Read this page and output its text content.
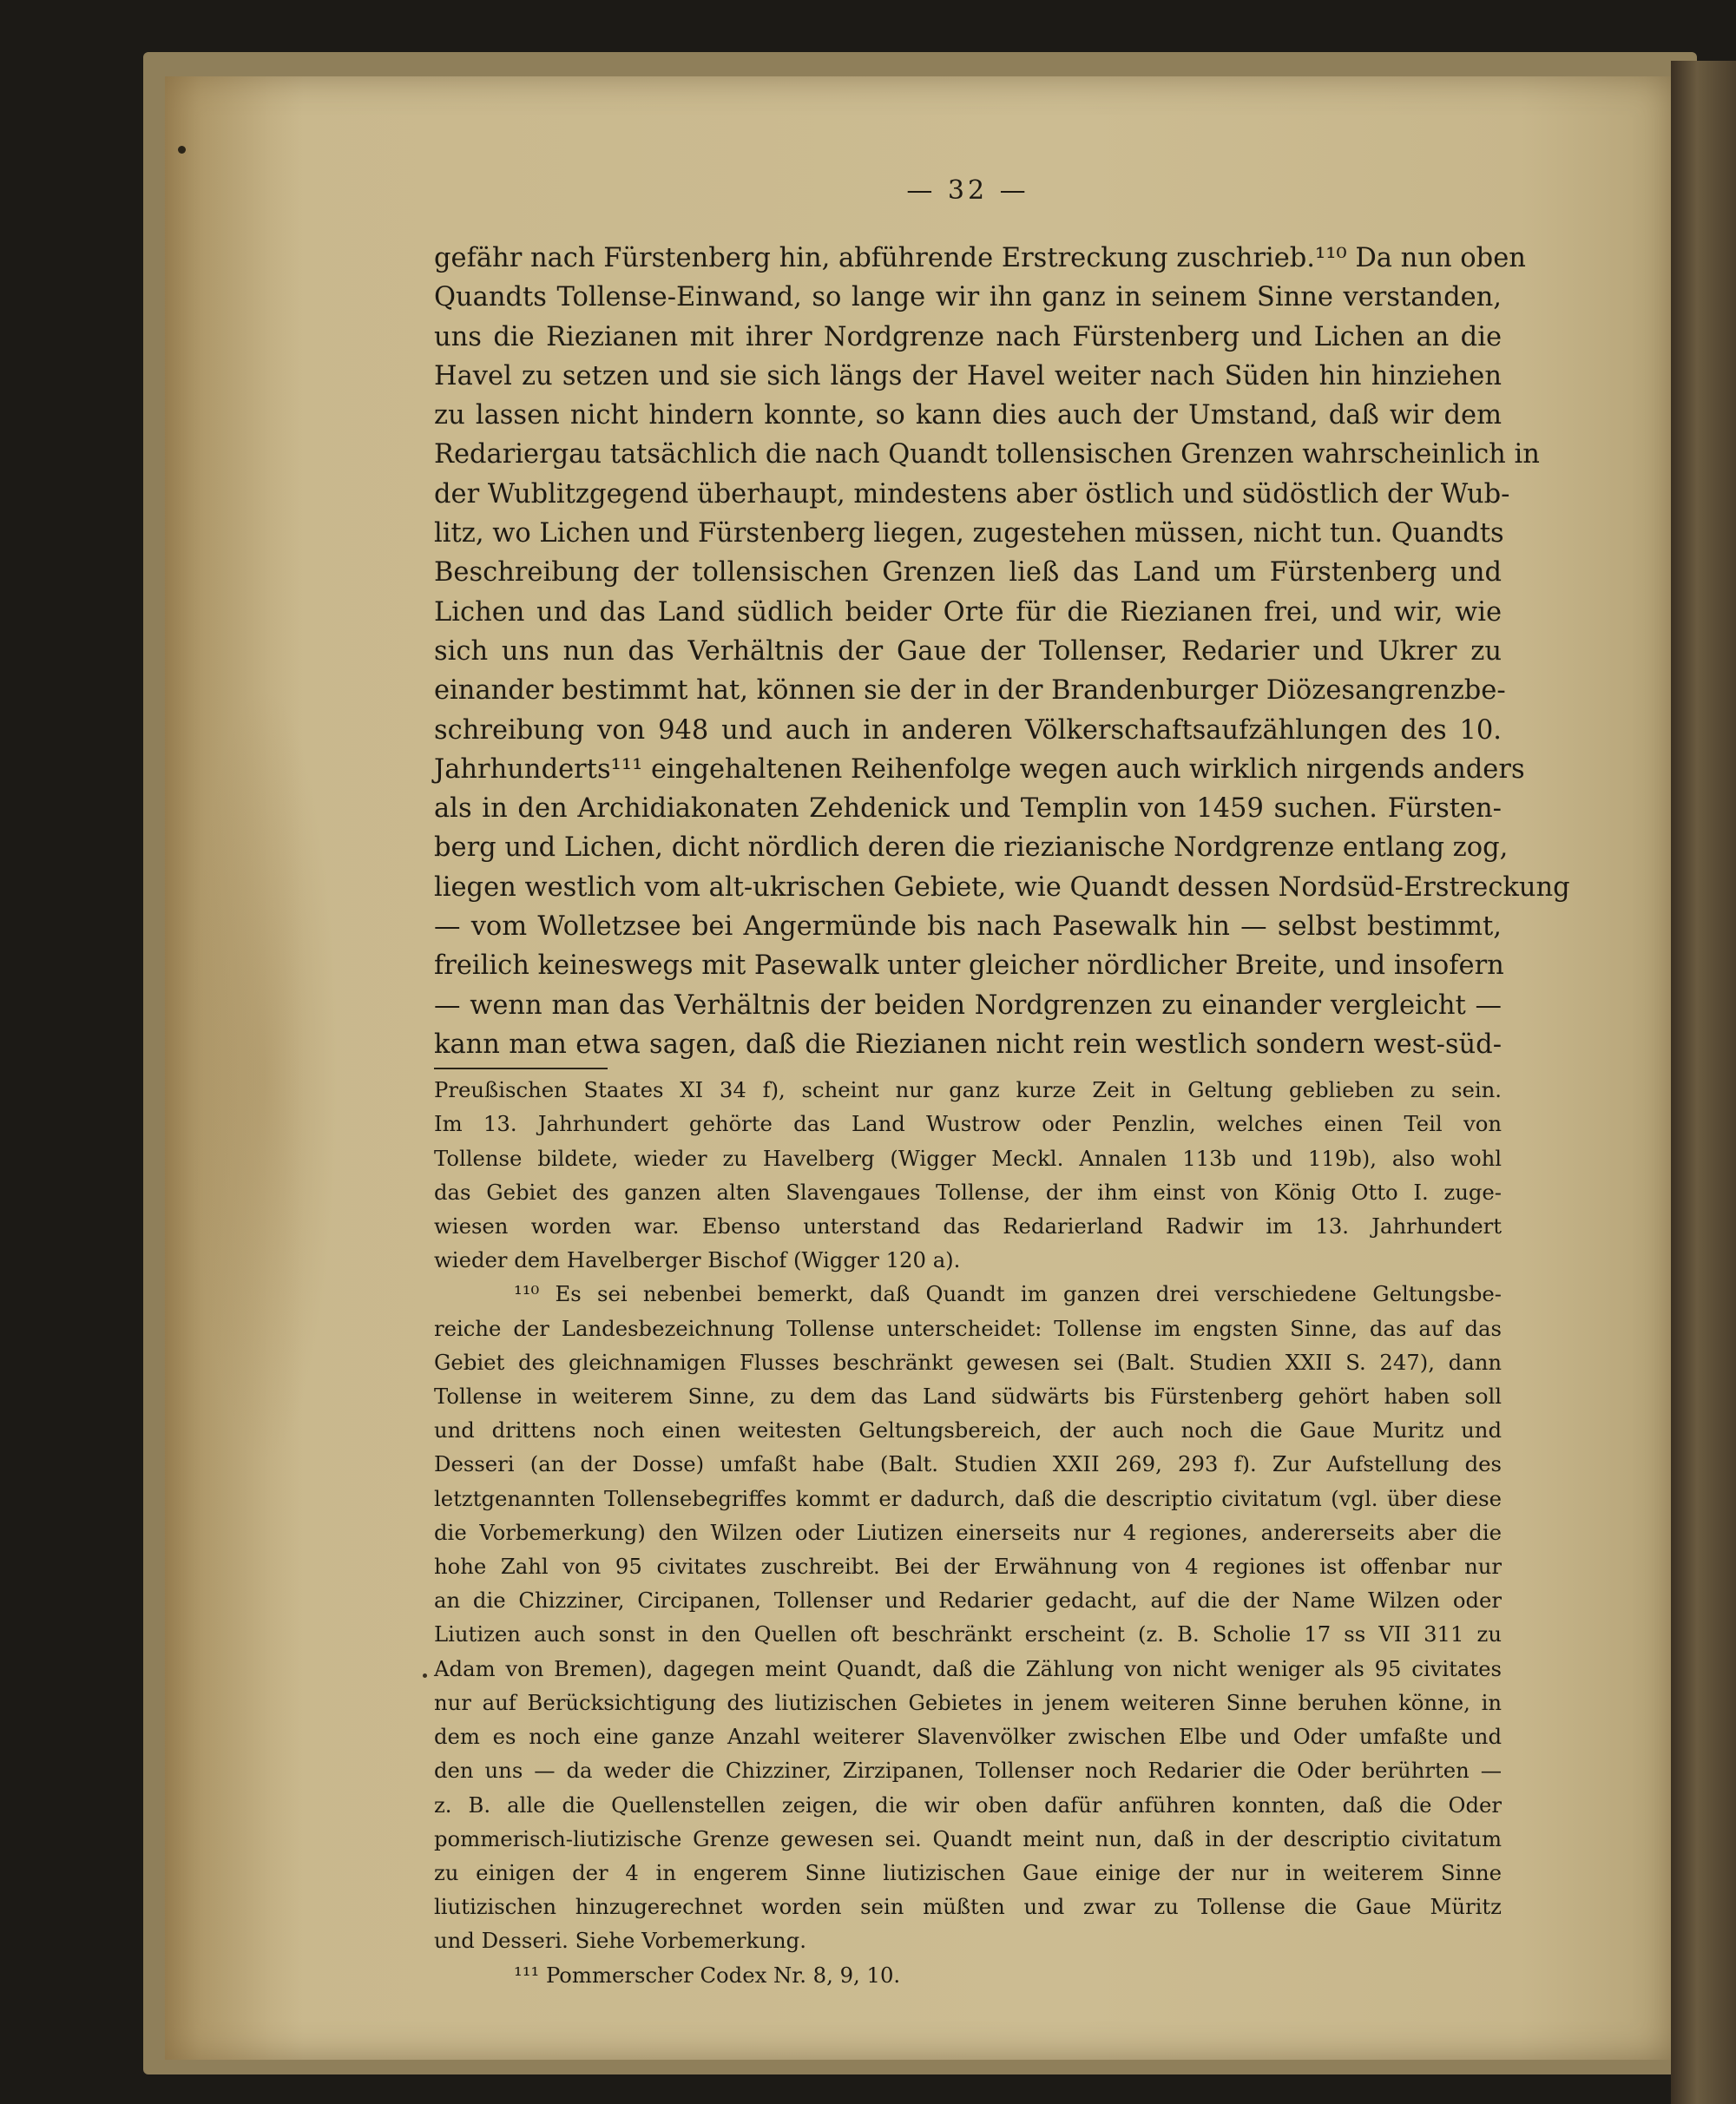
— 32 —

gefähr nach Fürstenberg hin, abführende Erstreckung zuschrieb.¹¹⁰ Da nun oben
Quandts Tollense-Einwand, so lange wir ihn ganz in seinem Sinne verstanden,
uns die Riezianen mit ihrer Nordgrenze nach Fürstenberg und Lichen an die
Havel zu setzen und sie sich längs der Havel weiter nach Süden hin hinziehen
zu lassen nicht hindern konnte, so kann dies auch der Umstand, daß wir dem
Redariergau tatsächlich die nach Quandt tollensischen Grenzen wahrscheinlich in
der Wublitzgegend überhaupt, mindestens aber östlich und südöstlich der Wub-
litz, wo Lichen und Fürstenberg liegen, zugestehen müssen, nicht tun. Quandts
Beschreibung der tollensischen Grenzen ließ das Land um Fürstenberg und
Lichen und das Land südlich beider Orte für die Riezianen frei, und wir, wie
sich uns nun das Verhältnis der Gaue der Tollenser, Redarier und Ukrer zu
einander bestimmt hat, können sie der in der Brandenburger Diözesangrenzbe-
schreibung von 948 und auch in anderen Völkerschaftsaufzählungen des 10.
Jahrhunderts¹¹¹ eingehaltenen Reihenfolge wegen auch wirklich nirgends anders
als in den Archidiakonaten Zehdenick und Templin von 1459 suchen. Fürsten-
berg und Lichen, dicht nördlich deren die riezianische Nordgrenze entlang zog,
liegen westlich vom alt-ukrischen Gebiete, wie Quandt dessen Nordsüd-Erstreckung
— vom Wolletzsee bei Angermünde bis nach Pasewalk hin — selbst bestimmt,
freilich keineswegs mit Pasewalk unter gleicher nördlicher Breite, und insofern
— wenn man das Verhältnis der beiden Nordgrenzen zu einander vergleicht —
kann man etwa sagen, daß die Riezianen nicht rein westlich sondern west-süd-

Preußischen Staates XI 34 f), scheint nur ganz kurze Zeit in Geltung geblieben zu sein.
Im 13. Jahrhundert gehörte das Land Wustrow oder Penzlin, welches einen Teil von
Tollense bildete, wieder zu Havelberg (Wigger Meckl. Annalen 113b und 119b), also wohl
das Gebiet des ganzen alten Slavengaues Tollense, der ihm einst von König Otto I. zuge-
wiesen worden war. Ebenso unterstand das Redarierland Radwir im 13. Jahrhundert
wieder dem Havelberger Bischof (Wigger 120 a).

¹¹⁰ Es sei nebenbei bemerkt, daß Quandt im ganzen drei verschiedene Geltungsbe-
reiche der Landesbezeichnung Tollense unterscheidet: Tollense im engsten Sinne, das auf das
Gebiet des gleichnamigen Flusses beschränkt gewesen sei (Balt. Studien XXII S. 247), dann
Tollense in weiterem Sinne, zu dem das Land südwärts bis Fürstenberg gehört haben soll
und drittens noch einen weitesten Geltungsbereich, der auch noch die Gaue Muritz und
Desseri (an der Dosse) umfaßt habe (Balt. Studien XXII 269, 293 f). Zur Aufstellung des
letztgenannten Tollensebegriffes kommt er dadurch, daß die descriptio civitatum (vgl. über diese
die Vorbemerkung) den Wilzen oder Liutizen einerseits nur 4 regiones, andererseits aber die
hohe Zahl von 95 civitates zuschreibt. Bei der Erwähnung von 4 regiones ist offenbar nur
an die Chizziner, Circipanen, Tollenser und Redarier gedacht, auf die der Name Wilzen oder
Liutizen auch sonst in den Quellen oft beschränkt erscheint (z. B. Scholie 17 ss VII 311 zu
Adam von Bremen), dagegen meint Quandt, daß die Zählung von nicht weniger als 95 civitates
nur auf Berücksichtigung des liutizischen Gebietes in jenem weiteren Sinne beruhen könne, in
dem es noch eine ganze Anzahl weiterer Slavenvölker zwischen Elbe und Oder umfaßte und
den uns — da weder die Chizziner, Zirzipanen, Tollenser noch Redarier die Oder berührten —
z. B. alle die Quellenstellen zeigen, die wir oben dafür anführen konnten, daß die Oder
pommerisch-liutizische Grenze gewesen sei. Quandt meint nun, daß in der descriptio civitatum
zu einigen der 4 in engerem Sinne liutizischen Gaue einige der nur in weiterem Sinne
liutizischen hinzugerechnet worden sein müßten und zwar zu Tollense die Gaue Müritz
und Desseri. Siehe Vorbemerkung.

¹¹¹ Pommerscher Codex Nr. 8, 9, 10.
